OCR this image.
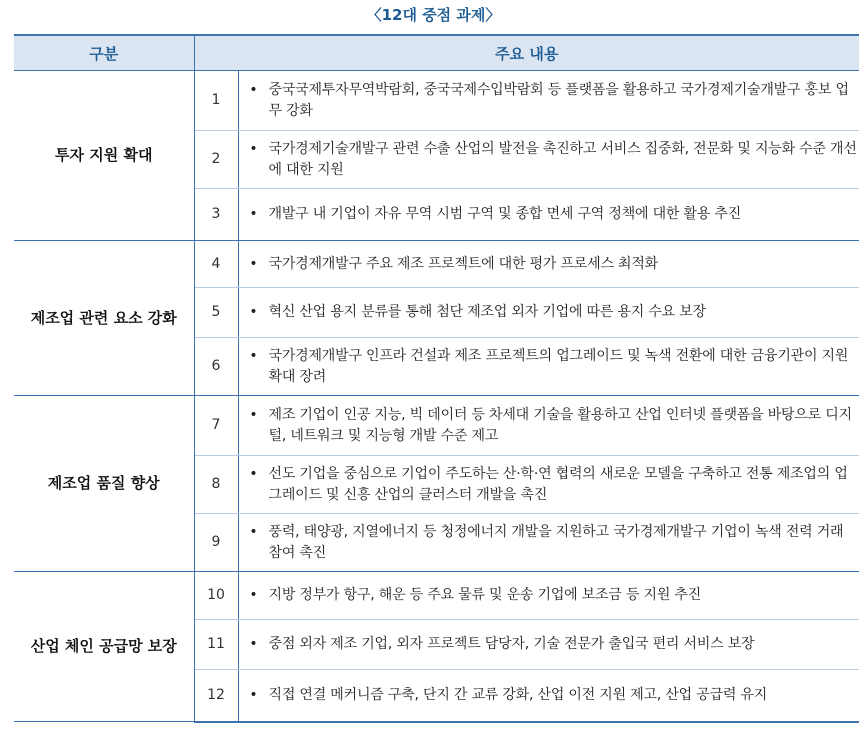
〈12대 중점 과제〉
구분	주요 내용	
투자 지원 확대	1	• 중국국제투자무역박람회, 중국국제수입박람회 등 플랫폼을 활용하고 국가경제기술개발구 홍보 업무 강화

	2	• 국가경제기술개발구 관련 수출 산업의 발전을 촉진하고 서비스 집중화, 전문화 및 지능화 수준 개선에 대한 지원

	3	• 개발구 내 기업이 자유 무역 시범 구역 및 종합 면세 구역 정책에 대한 활용 추진

제조업 관련 요소 강화	4	• 국가경제개발구 주요 제조 프로젝트에 대한 평가 프로세스 최적화

	5	• 혁신 산업 용지 분류를 통해 첨단 제조업 외자 기업에 따른 용지 수요 보장

	6	• 국가경제개발구 인프라 건설과 제조 프로젝트의 업그레이드 및 녹색 전환에 대한 금융기관이 지원 확대 장려

제조업 품질 향상	7	• 제조 기업이 인공 지능, 빅 데이터 등 차세대 기술을 활용하고 산업 인터넷 플랫폼을 바탕으로 디지털, 네트워크 및 지능형 개발 수준 제고

	8	• 선도 기업을 중심으로 기업이 주도하는 산·학·연 협력의 새로운 모델을 구축하고 전통 제조업의 업그레이드 및 신흥 산업의 클러스터 개발을 촉진

	9	• 풍력, 태양광, 지열에너지 등 청정에너지 개발을 지원하고 국가경제개발구 기업이 녹색 전력 거래 참여 촉진

산업 체인 공급망 보장	10	• 지방 정부가 항구, 해운 등 주요 물류 및 운송 기업에 보조금 등 지원 추진

	11	• 중점 외자 제조 기업, 외자 프로젝트 담당자, 기술 전문가 출입국 편리 서비스 보장

	12	• 직접 연결 메커니즘 구축, 단지 간 교류 강화, 산업 이전 지원 제고, 산업 공급력 유지
